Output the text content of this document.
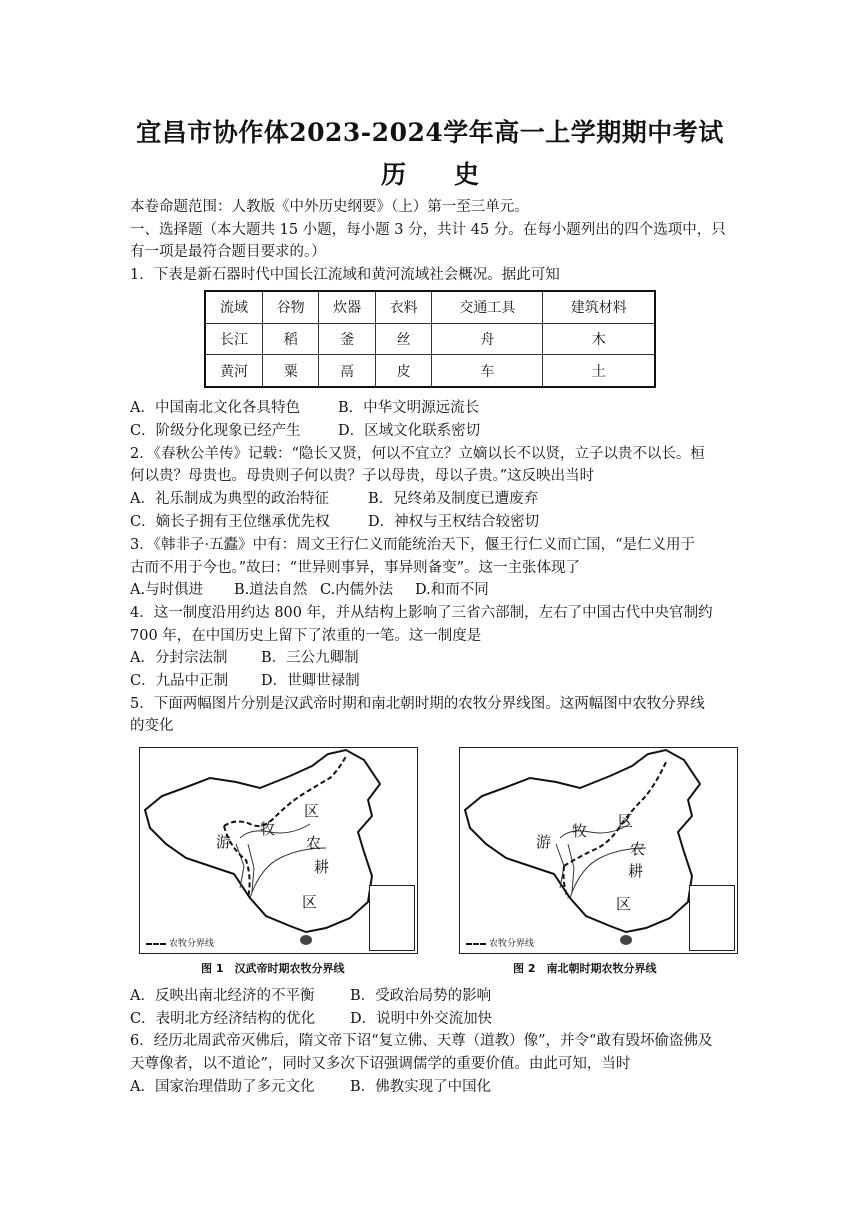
宜昌市协作体2023-2024学年高一上学期期中考试
历 史
本卷命题范围：人教版《中外历史纲要》（上）第一至三单元。
一、选择题（本大题共 15 小题，每小题 3 分，共计 45 分。在每小题列出的四个选项中，只
有一项是最符合题目要求的。）
1．下表是新石器时代中国长江流域和黄河流域社会概况。据此可知
流域	谷物	炊器	衣料	交通工具	建筑材料
长江	稻	釜	丝	舟	木
黄河	粟	鬲	皮	车	土
A．中国南北文化各具特色	B．中华文明源远流长
C．阶级分化现象已经产生	D．区域文化联系密切
2．《春秋公羊传》记载：“隐长又贤，何以不宜立？立嫡以长不以贤，立子以贵不以长。桓
何以贵？母贵也。母贵则子何以贵？子以母贵，母以子贵。”这反映出当时
A．礼乐制成为典型的政治特征	B．兄终弟及制度已遭废弃
C．嫡长子拥有王位继承优先权	D．神权与王权结合较密切
3．《韩非子·五蠹》中有：周文王行仁义而能统治天下，偃王行仁义而亡国，“是仁义用于
古而不用于今也。”故曰：“世异则事异，事异则备变”。这一主张体现了
A.与时俱进 B.道法自然 C.内儒外法 D.和而不同
4．这一制度沿用约达 800 年，并从结构上影响了三省六部制，左右了中国古代中央官制约
700 年，在中国历史上留下了浓重的一笔。这一制度是
A．分封宗法制 B．三公九卿制
C．九品中正制 D．世卿世禄制
5．下面两幅图片分别是汉武帝时期和南北朝时期的农牧分界线图。这两幅图中农牧分界线
的变化
游
牧
区
农
耕
区
农牧分界线
图 1　汉武帝时期农牧分界线
游
牧
区
农
耕
区
农牧分界线
图 2　南北朝时期农牧分界线
A．反映出南北经济的不平衡 B．受政治局势的影响
C．表明北方经济结构的优化 D．说明中外交流加快
6．经历北周武帝灭佛后，隋文帝下诏“复立佛、天尊（道教）像”，并令“敢有毁坏偷盗佛及
天尊像者，以不道论”，同时又多次下诏强调儒学的重要价值。由此可知，当时
A．国家治理借助了多元文化 B．佛教实现了中国化
